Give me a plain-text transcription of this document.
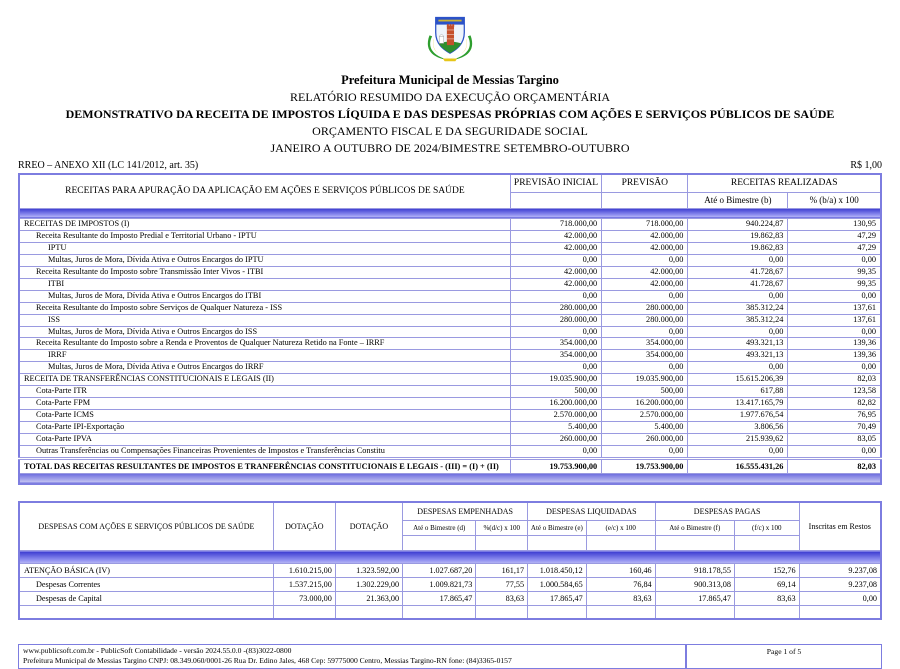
Prefeitura Municipal de Messias Targino
RELATÓRIO RESUMIDO DA EXECUÇÃO ORÇAMENTÁRIA
DEMONSTRATIVO DA RECEITA DE IMPOSTOS LÍQUIDA E DAS DESPESAS PRÓPRIAS COM AÇÕES E SERVIÇOS PÚBLICOS DE SAÚDE
ORÇAMENTO FISCAL E DA SEGURIDADE SOCIAL
JANEIRO A OUTUBRO DE 2024/BIMESTRE SETEMBRO-OUTUBRO
RREO – ANEXO XII (LC 141/2012, art. 35)	R$ 1,00
RECEITAS PARA APURAÇÃO DA APLICAÇÃO EM AÇÕES E SERVIÇOS PÚBLICOS DE SAÚDE	PREVISÃO INICIAL	PREVISÃO	RECEITAS REALIZADAS	
			Até o Bimestre (b)	% (b/a) x 100

RECEITAS DE IMPOSTOS (I)	718.000,00	718.000,00	940.224,87	130,95
Receita Resultante do Imposto Predial e Territorial Urbano - IPTU	42.000,00	42.000,00	19.862,83	47,29
IPTU	42.000,00	42.000,00	19.862,83	47,29
Multas, Juros de Mora, Dívida Ativa e Outros Encargos do IPTU	0,00	0,00	0,00	0,00
Receita Resultante do Imposto sobre Transmissão Inter Vivos - ITBI	42.000,00	42.000,00	41.728,67	99,35
ITBI	42.000,00	42.000,00	41.728,67	99,35
Multas, Juros de Mora, Dívida Ativa e Outros Encargos do ITBI	0,00	0,00	0,00	0,00
Receita Resultante do Imposto sobre Serviços de Qualquer Natureza - ISS	280.000,00	280.000,00	385.312,24	137,61
ISS	280.000,00	280.000,00	385.312,24	137,61
Multas, Juros de Mora, Dívida Ativa e Outros Encargos do ISS	0,00	0,00	0,00	0,00
Receita Resultante do Imposto sobre a Renda e Proventos de Qualquer Natureza Retido na Fonte – IRRF	354.000,00	354.000,00	493.321,13	139,36
IRRF	354.000,00	354.000,00	493.321,13	139,36
Multas, Juros de Mora, Dívida Ativa e Outros Encargos do IRRF	0,00	0,00	0,00	0,00
RECEITA DE TRANSFERÊNCIAS CONSTITUCIONAIS E LEGAIS (II)	19.035.900,00	19.035.900,00	15.615.206,39	82,03
Cota-Parte ITR	500,00	500,00	617,88	123,58
Cota-Parte FPM	16.200.000,00	16.200.000,00	13.417.165,79	82,82
Cota-Parte ICMS	2.570.000,00	2.570.000,00	1.977.676,54	76,95
Cota-Parte IPI-Exportação	5.400,00	5.400,00	3.806,56	70,49
Cota-Parte IPVA	260.000,00	260.000,00	215.939,62	83,05
Outras Transferências ou Compensações Financeiras Provenientes de Impostos e Transferências Constitu	0,00	0,00	0,00	0,00
TOTAL DAS RECEITAS RESULTANTES DE IMPOSTOS E TRANFERÊNCIAS CONSTITUCIONAIS E LEGAIS - (III) = (I) + (II)	19.753.900,00	19.753.900,00	16.555.431,26	82,03

DESPESAS COM AÇÕES E SERVIÇOS PÚBLICOS DE SAÚDE	DOTAÇÃO	DOTAÇÃO	DESPESAS EMPENHADAS		DESPESAS LIQUIDADAS		DESPESAS PAGAS		Inscritas em Restos
			Até o Bimestre (d)	%(d/c) x 100	Até o Bimestre (e)	(e/c) x 100	Até o Bimestre (f)	(f/c) x 100	

ATENÇÃO BÁSICA (IV)	1.610.215,00	1.323.592,00	1.027.687,20	161,17	1.018.450,12	160,46	918.178,55	152,76	9.237,08
Despesas Correntes	1.537.215,00	1.302.229,00	1.009.821,73	77,55	1.000.584,65	76,84	900.313,08	69,14	9.237,08
Despesas de Capital	73.000,00	21.363,00	17.865,47	83,63	17.865,47	83,63	17.865,47	83,63	0,00

www.publicsoft.com.br - PublicSoft Contabilidade - versão 2024.55.0.0 -(83)3022-0800
Prefeitura Municipal de Messias Targino CNPJ: 08.349.060/0001-26 Rua Dr. Edino Jales, 468 Cep: 59775000 Centro, Messias Targino-RN fone: (84)3365-0157
Page 1 of 5
